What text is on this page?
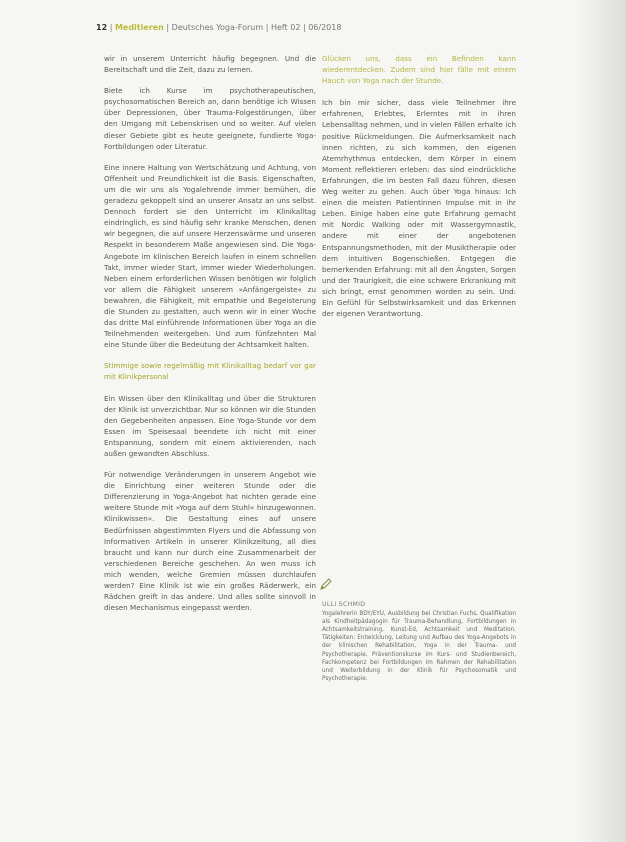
12 | Meditieren | Deutsches Yoga-Forum | Heft 02 | 06/2018

wir in unserem Unterricht häufig begegnen. Und die Bereitschaft und die Zeit, dazu zu lernen.

Biete ich Kurse im psychotherapeutischen, psychosomatischen Bereich an, dann benötige ich Wissen über Depressionen, über Trauma-Folgestörungen, über den Umgang mit Lebenskrisen und so weiter. Auf vielen dieser Gebiete gibt es heute geeignete, fundierte Yoga-Fortbildungen oder Literatur.

Eine innere Haltung von Wertschätzung und Achtung, von Offenheit und Freundlichkeit ist die Basis. Eigenschaften, um die wir uns als Yogalehrende immer bemühen, die geradezu gekoppelt sind an unserer Ansatz an uns selbst. Dennoch fordert sie den Unterricht im Klinikalltag eindringlich, es sind häufig sehr kranke Menschen, denen wir begegnen, die auf unsere Herzenswärme und unseren Respekt in besonderem Maße angewiesen sind. Die Yoga-Angebote im klinischen Bereich laufen in einem schnellen Takt, immer wieder Start, immer wieder Wiederholungen. Neben einem erforderlichen Wissen benötigen wir folglich vor allem die Fähigkeit unserem »Anfängergeiste« zu bewahren, die Fähigkeit, mit empathie und Begeisterung die Stunden zu gestalten, auch wenn wir in einer Woche das dritte Mal einführende Informationen über Yoga an die Teilnehmenden weitergeben. Und zum fünfzehnten Mal eine Stunde über die Bedeutung der Achtsamkeit halten.

Stimmige sowie regelmäßig mit Klinikalltag bedarf vor gar mit Klinikpersonal

Ein Wissen über den Klinikalltag und über die Strukturen der Klinik ist unverzichtbar. Nur so können wir die Stunden den Gegebenheiten anpassen. Eine Yoga-Stunde vor dem Essen im Speisesaal beendete ich nicht mit einer Entspannung, sondern mit einem aktivierenden, nach außen gewandten Abschluss.

Für notwendige Veränderungen in unserem Angebot wie die Einrichtung einer weiteren Stunde oder die Differenzierung in Yoga-Angebot hat nichten gerade eine weitere Stunde mit »Yoga auf dem Stuhl« hinzugewonnen. Klinikwissen«. Die Gestaltung eines auf unsere Bedürfnissen abgestimmten Flyers und die Abfassung von Informativen Artikeln in unserer Klinikzeitung, all dies braucht und kann nur durch eine Zusammenarbeit der verschiedenen Bereiche geschehen. An wen muss ich mich wenden, welche Gremien müssen durchlaufen werden? Eine Klinik ist wie ein großes Räderwerk, ein Rädchen greift in das andere. Und alles sollte sinnvoll in diesen Mechanismus eingepasst werden.

Glücken uns, dass ein Befinden kann wiederentdecken. Zudem sind hier fälle mit einem Hauch von Yoga nach der Stunde.

Ich bin mir sicher, dass viele Teilnehmer ihre erfahrenen, Erlebtes, Erlerntes mit in ihren Lebensalltag nehmen, und in vielen Fällen erhalte ich positive Rückmeldungen. Die Aufmerksamkeit nach innen richten, zu sich kommen, den eigenen Atemrhythmus entdecken, dem Körper in einem Moment reflektieren erleben: das sind eindrückliche Erfahrungen, die im besten Fall dazu führen, diesen Weg weiter zu gehen. Auch über Yoga hinaus: Ich einen die meisten Patientinnen Impulse mit in ihr Leben. Einige haben eine gute Erfahrung gemacht mit Nordic Walking oder mit Wassergymnastik, andere mit einer der angebotenen Entspannungsmethoden, mit der Musiktherapie oder dem intuitiven Bogenschießen. Entgegen die bemerkenden Erfahrung: mit all den Ängsten, Sorgen und der Traurigkeit, die eine schwere Erkrankung mit sich bringt, ernst genommen worden zu sein. Und: Ein Gefühl für Selbstwirksamkeit und das Erkennen der eigenen Verantwortung.

ULLI SCHMID
Yogalehrerin BDY/EYU, Ausbildung bei Christian Fuchs, Qualifikation als Kindheitpädagogin für Trauma-Behandlung, Fortbildungen in Achtsamkeitstraining, Kunst-Ed, Achtsamkeit und Meditation. Tätigkeiten: Entwicklung, Leitung und Aufbau des Yoga-Angebots in der klinischen Rehabilitation, Yoga in der Trauma- und Psychotherapie, Präventionskurse im Kurs- und Studienbereich, Fachkompetenz bei Fortbildungen im Rahmen der Rehabilitation und Weiterbildung in der Klinik für Psychosomatik und Psychotherapie.
